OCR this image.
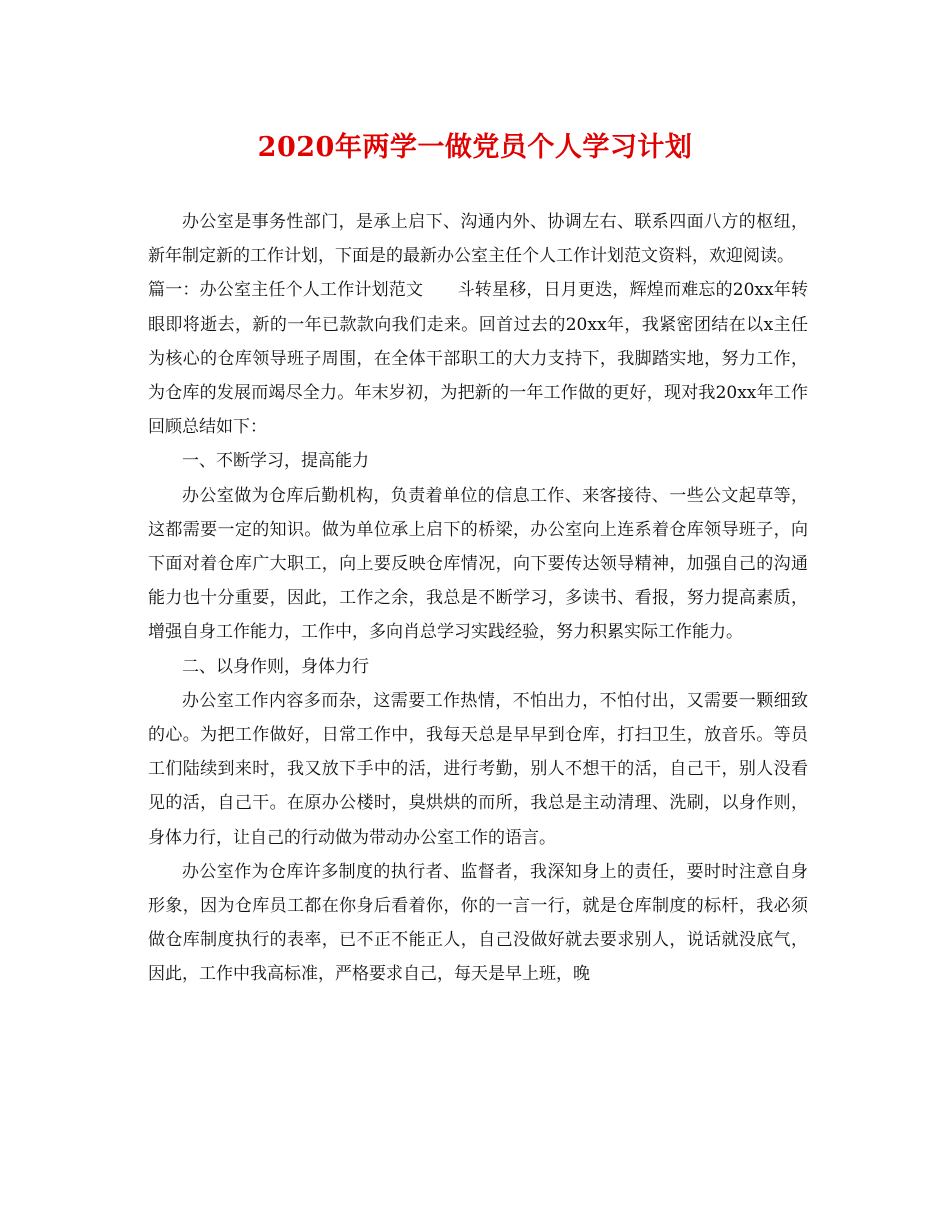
2020年两学一做党员个人学习计划

办公室是事务性部门，是承上启下、沟通内外、协调左右、联系四面八方的枢纽，新年制定新的工作计划，下面是的最新办公室主任个人工作计划范文资料，欢迎阅读。

篇一：办公室主任个人工作计划范文　　斗转星移，日月更迭，辉煌而难忘的20xx年转眼即将逝去，新的一年已款款向我们走来。回首过去的20xx年，我紧密团结在以x主任为核心的仓库领导班子周围，在全体干部职工的大力支持下，我脚踏实地，努力工作，为仓库的发展而竭尽全力。年末岁初，为把新的一年工作做的更好，现对我20xx年工作回顾总结如下：

一、不断学习，提高能力

办公室做为仓库后勤机构，负责着单位的信息工作、来客接待、一些公文起草等，这都需要一定的知识。做为单位承上启下的桥梁，办公室向上连系着仓库领导班子，向下面对着仓库广大职工，向上要反映仓库情况，向下要传达领导精神，加强自己的沟通能力也十分重要，因此，工作之余，我总是不断学习，多读书、看报，努力提高素质，增强自身工作能力，工作中，多向肖总学习实践经验，努力积累实际工作能力。

二、以身作则，身体力行

办公室工作内容多而杂，这需要工作热情，不怕出力，不怕付出，又需要一颗细致的心。为把工作做好，日常工作中，我每天总是早早到仓库，打扫卫生，放音乐。等员工们陆续到来时，我又放下手中的活，进行考勤，别人不想干的活，自己干，别人没看见的活，自己干。在原办公楼时，臭烘烘的而所，我总是主动清理、洗刷，以身作则，身体力行，让自己的行动做为带动办公室工作的语言。

办公室作为仓库许多制度的执行者、监督者，我深知身上的责任，要时时注意自身形象，因为仓库员工都在你身后看着你，你的一言一行，就是仓库制度的标杆，我必须做仓库制度执行的表率，已不正不能正人，自己没做好就去要求别人，说话就没底气，因此，工作中我高标准，严格要求自己，每天是早上班，晚
